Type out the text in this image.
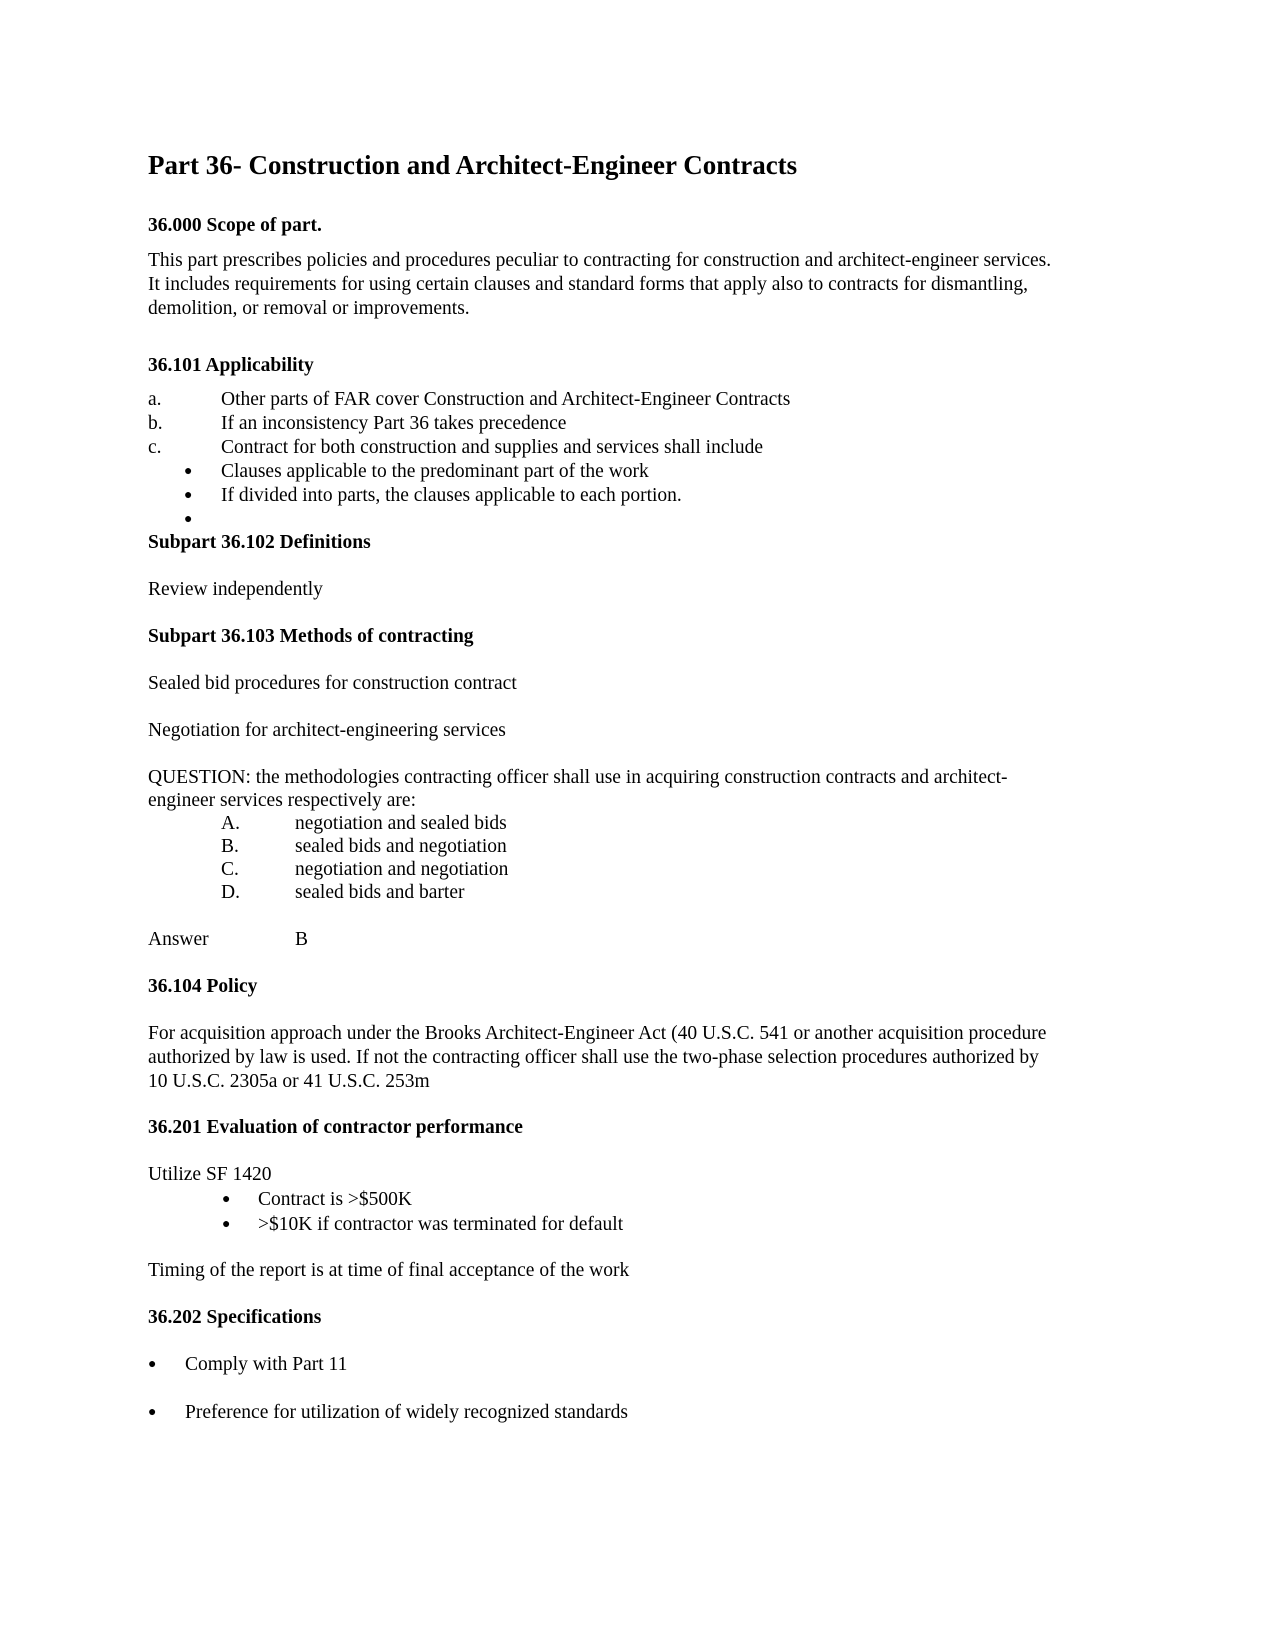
Part 36- Construction and Architect-Engineer Contracts
36.000 Scope of part.
This part prescribes policies and procedures peculiar to contracting for construction and architect-engineer services.
It includes requirements for using certain clauses and standard forms that apply also to contracts for dismantling,
demolition, or removal or improvements.
36.101 Applicability
a.	Other parts of FAR cover Construction and Architect-Engineer Contracts
b.	If an inconsistency Part 36 takes precedence
c.	Contract for both construction and supplies and services shall include
● Clauses applicable to the predominant part of the work
● If divided into parts, the clauses applicable to each portion.
●
Subpart 36.102 Definitions
Review independently
Subpart 36.103 Methods of contracting
Sealed bid procedures for construction contract
Negotiation for architect-engineering services
QUESTION: the methodologies contracting officer shall use in acquiring construction contracts and architect-
engineer services respectively are:
A.	negotiation and sealed bids
B.	sealed bids and negotiation
C.	negotiation and negotiation
D.	sealed bids and barter
Answer	B
36.104 Policy
For acquisition approach under the Brooks Architect-Engineer Act (40 U.S.C. 541 or another acquisition procedure
authorized by law is used. If not the contracting officer shall use the two-phase selection procedures authorized by
10 U.S.C. 2305a or 41 U.S.C. 253m
36.201 Evaluation of contractor performance
Utilize SF 1420
● Contract is >$500K
● >$10K if contractor was terminated for default
Timing of the report is at time of final acceptance of the work
36.202 Specifications
● Comply with Part 11
● Preference for utilization of widely recognized standards
